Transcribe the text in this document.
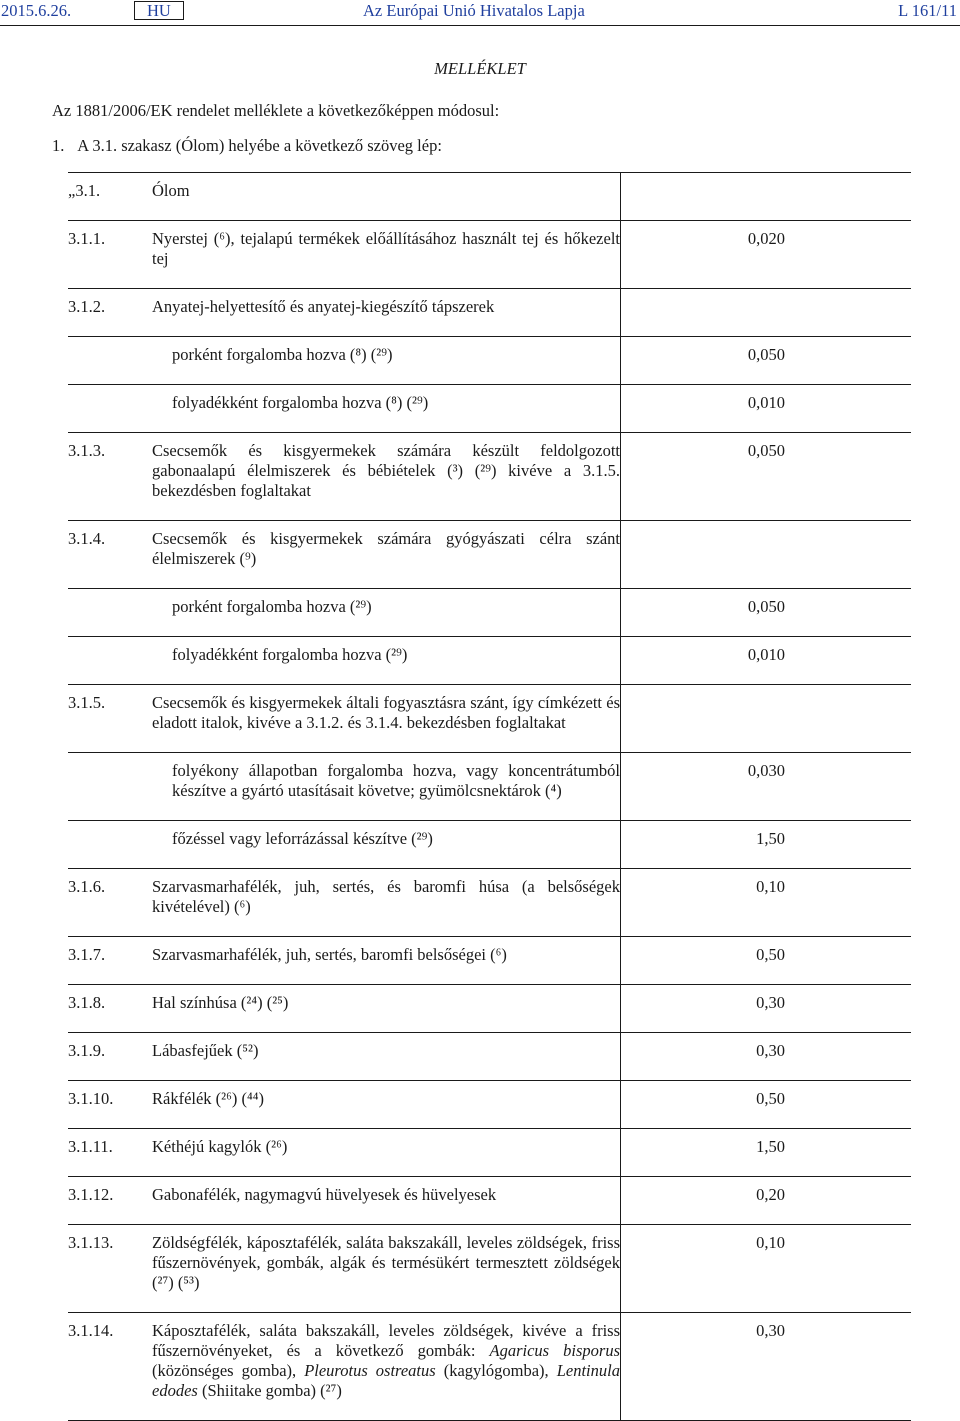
2015.6.26.	HU	Az Európai Unió Hivatalos Lapja	L 161/11
MELLÉKLET
Az 1881/2006/EK rendelet melléklete a következőképpen módosul:
1. A 3.1. szakasz (Ólom) helyébe a következő szöveg lép:
„3.1.	Ólom	

3.1.1.	Nyerstej (⁶), tejalapú termékek előállításához használt tej és hőkezelt tej	0,020

3.1.2.	Anyatej-helyettesítő és anyatej-kiegészítő tápszerek	

	porként forgalomba hozva (⁸) (²⁹)	0,050

	folyadékként forgalomba hozva (⁸) (²⁹)	0,010

3.1.3.	Csecsemők és kisgyermekek számára készült feldolgozott gabonaalapú élelmiszerek és bébiételek (³) (²⁹) kivéve a 3.1.5. bekezdésben foglaltakat	0,050

3.1.4.	Csecsemők és kisgyermekek számára gyógyászati célra szánt élelmiszerek (⁹)	

	porként forgalomba hozva (²⁹)	0,050

	folyadékként forgalomba hozva (²⁹)	0,010

3.1.5.	Csecsemők és kisgyermekek általi fogyasztásra szánt, így címkézett és eladott italok, kivéve a 3.1.2. és 3.1.4. bekezdésben foglaltakat	

	folyékony állapotban forgalomba hozva, vagy koncentrátumból készítve a gyártó utasításait követve; gyümölcsnektárok (⁴)	0,030

	főzéssel vagy leforrázással készítve (²⁹)	1,50

3.1.6.	Szarvasmarhafélék, juh, sertés, és baromfi húsa (a belsőségek kivételével) (⁶)	0,10

3.1.7.	Szarvasmarhafélék, juh, sertés, baromfi belsőségei (⁶)	0,50

3.1.8.	Hal színhúsa (²⁴) (²⁵)	0,30

3.1.9.	Lábasfejűek (⁵²)	0,30

3.1.10.	Rákfélék (²⁶) (⁴⁴)	0,50

3.1.11.	Kéthéjú kagylók (²⁶)	1,50

3.1.12.	Gabonafélék, nagymagvú hüvelyesek és hüvelyesek	0,20

3.1.13.	Zöldségfélék, káposztafélék, saláta bakszakáll, leveles zöldségek, friss fűszernövények, gombák, algák és termésükért termesztett zöldségek (²⁷) (⁵³)	0,10

3.1.14.	Káposztafélék, saláta bakszakáll, leveles zöldségek, kivéve a friss fűszernövényeket, és a következő gombák: Agaricus bisporus (közönséges gomba), Pleurotus ostreatus (kagylógomba), Lentinula edodes (Shiitake gomba) (²⁷)	0,30
